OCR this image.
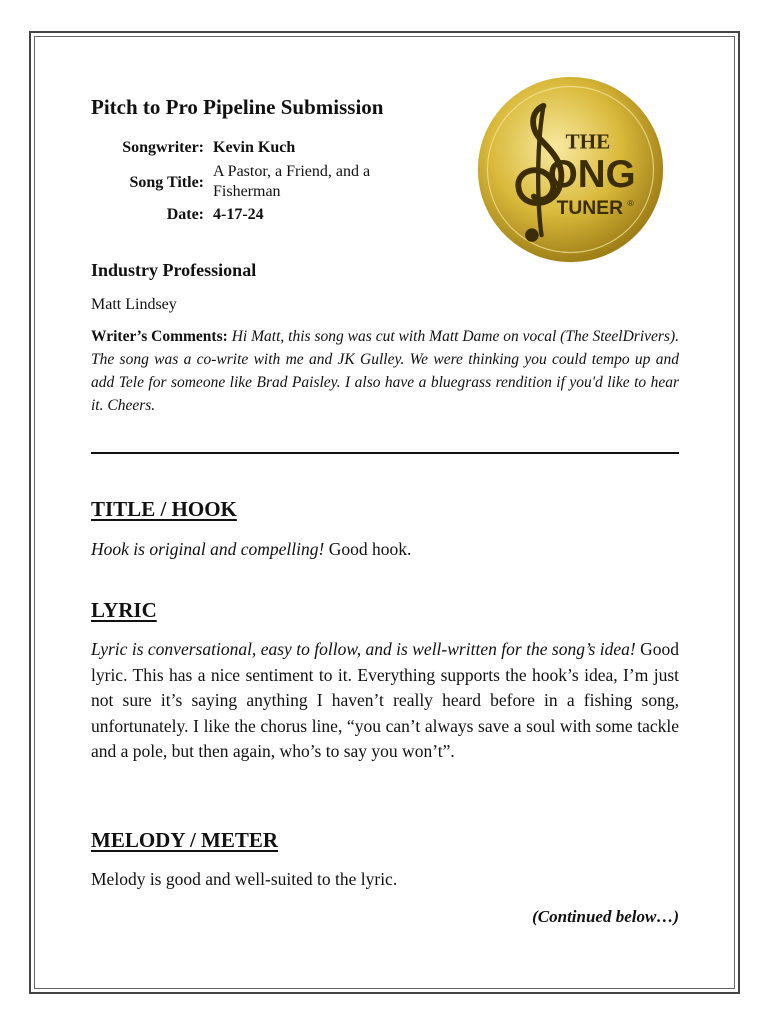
Pitch to Pro Pipeline Submission
Songwriter:	Kevin Kuch
Song Title:	A Pastor, a Friend, and a Fisherman
Date:	4-17-24
THE
ONG
TUNER ®
Industry Professional

Matt Lindsey

Writer’s Comments: Hi Matt, this song was cut with Matt Dame on vocal (The SteelDrivers). The song was a co-write with me and JK Gulley. We were thinking you could tempo up and add Tele for someone like Brad Paisley. I also have a bluegrass rendition if you'd like to hear it. Cheers.

TITLE / HOOK

Hook is original and compelling! Good hook.

LYRIC

Lyric is conversational, easy to follow, and is well-written for the song’s idea! Good lyric. This has a nice sentiment to it. Everything supports the hook’s idea, I’m just not sure it’s saying anything I haven’t really heard before in a fishing song, unfortunately. I like the chorus line, “you can’t always save a soul with some tackle and a pole, but then again, who’s to say you won’t”.

MELODY / METER

Melody is good and well-suited to the lyric.

(Continued below…)
